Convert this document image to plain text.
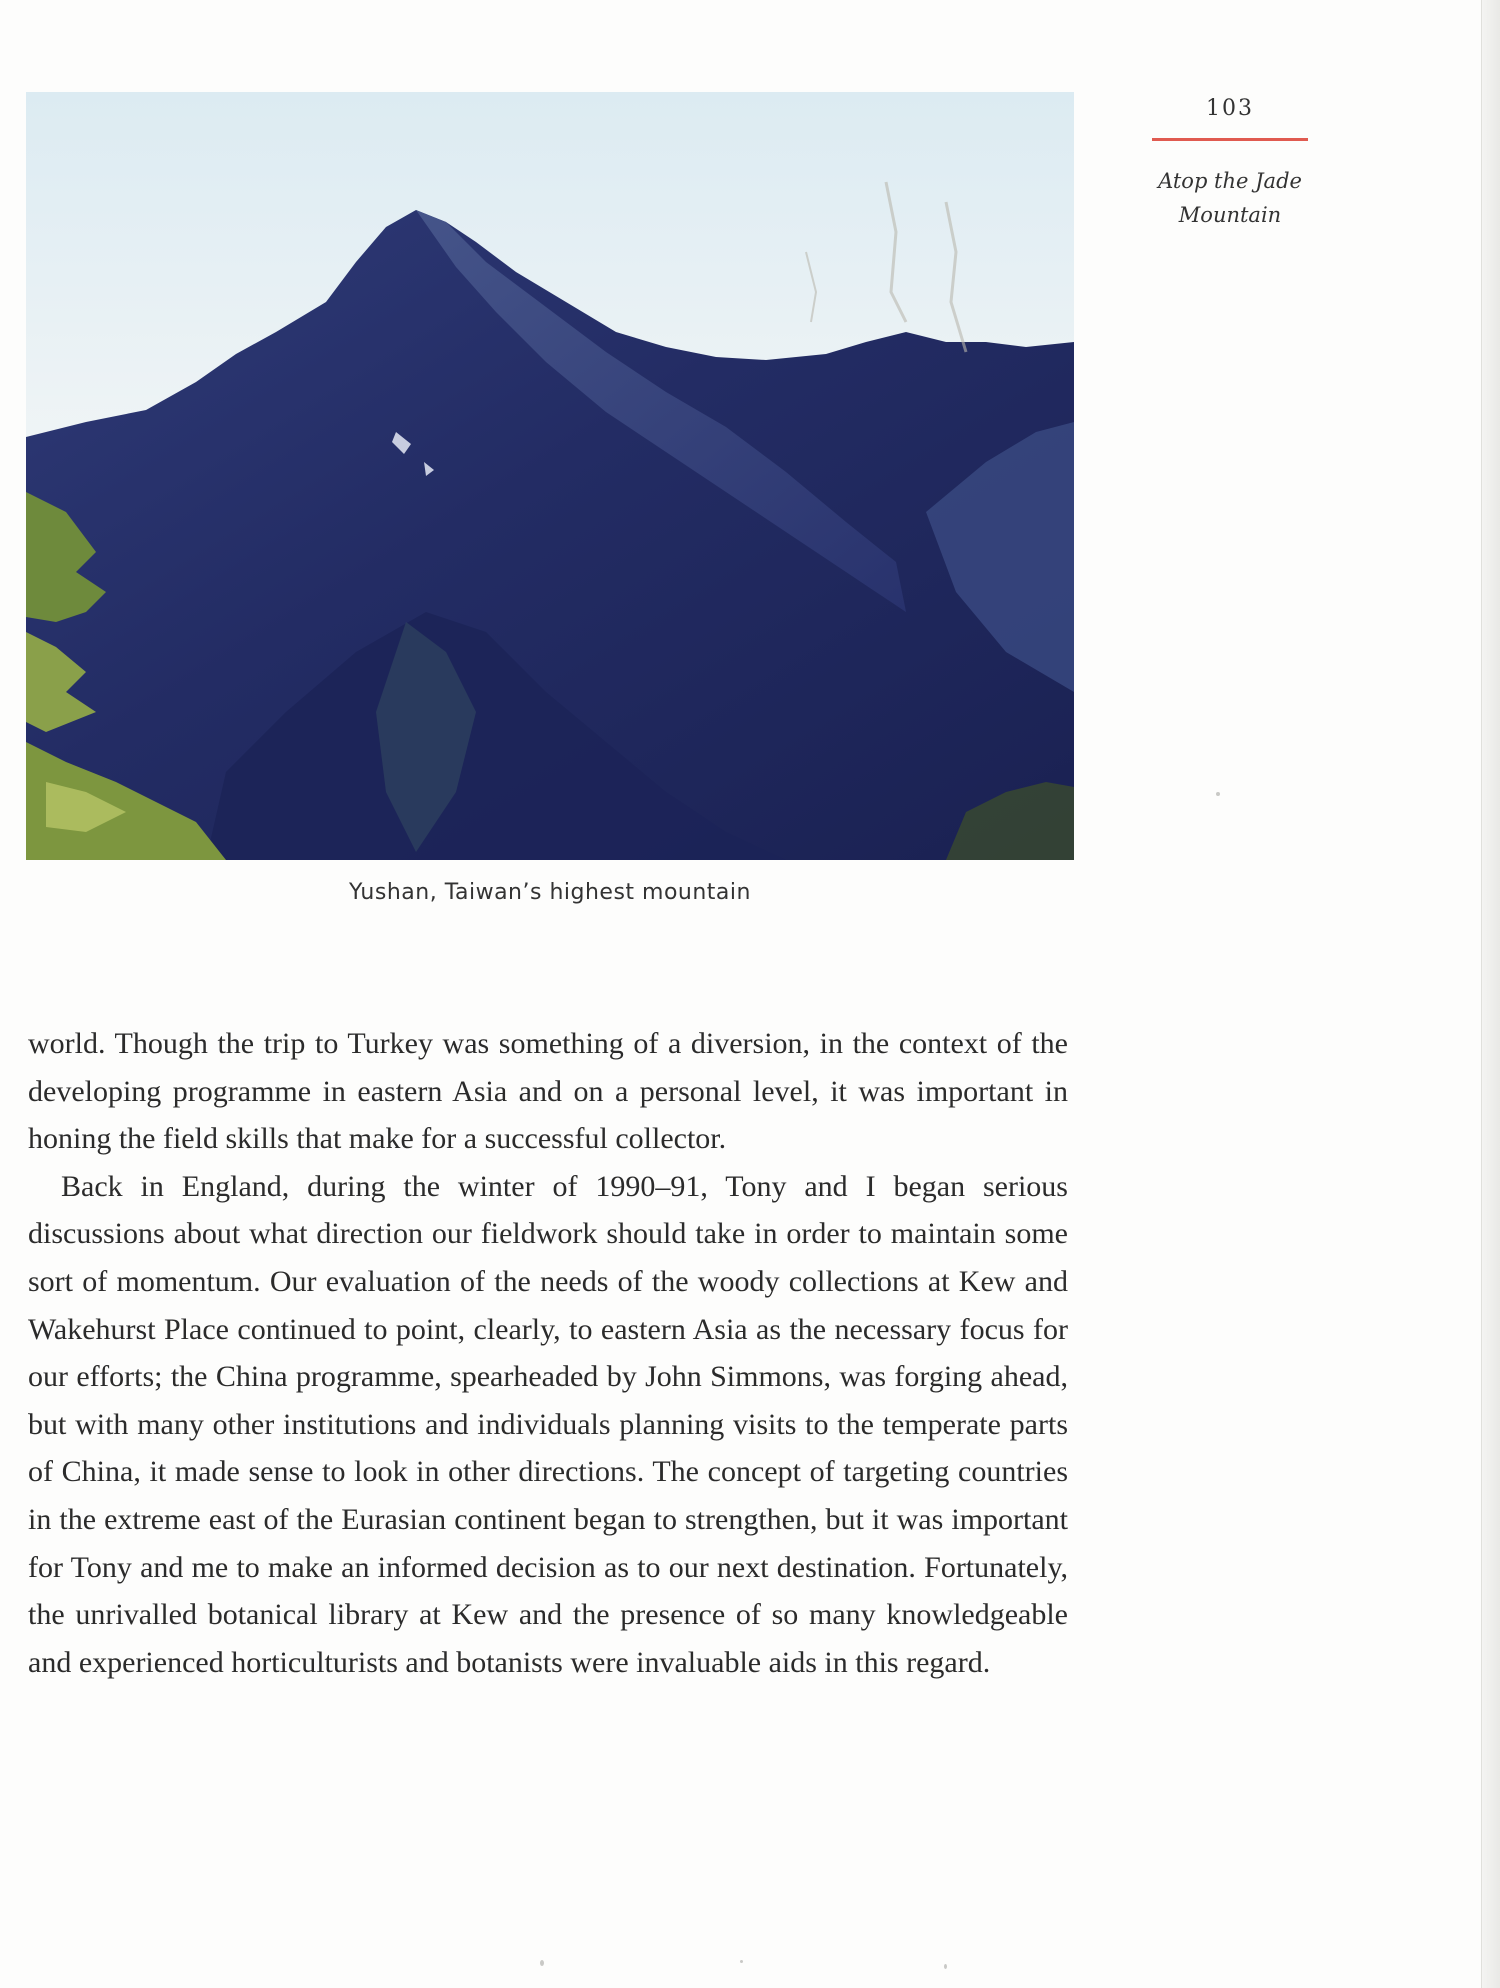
103
Atop the Jade Mountain
Yushan, Taiwan’s highest mountain

world. Though the trip to Turkey was something of a diversion, in the context of the developing programme in eastern Asia and on a personal level, it was important in honing the field skills that make for a successful collector.

Back in England, during the winter of 1990–91, Tony and I began serious discussions about what direction our fieldwork should take in order to maintain some sort of momentum. Our evaluation of the needs of the woody collections at Kew and Wakehurst Place continued to point, clearly, to eastern Asia as the necessary focus for our efforts; the China programme, spearheaded by John Simmons, was forging ahead, but with many other institutions and individuals planning visits to the temperate parts of China, it made sense to look in other directions. The concept of targeting countries in the extreme east of the Eurasian continent began to strengthen, but it was important for Tony and me to make an informed decision as to our next destination. Fortunately, the unrivalled botanical library at Kew and the presence of so many knowledgeable and experienced horticulturists and botanists were invaluable aids in this regard.
